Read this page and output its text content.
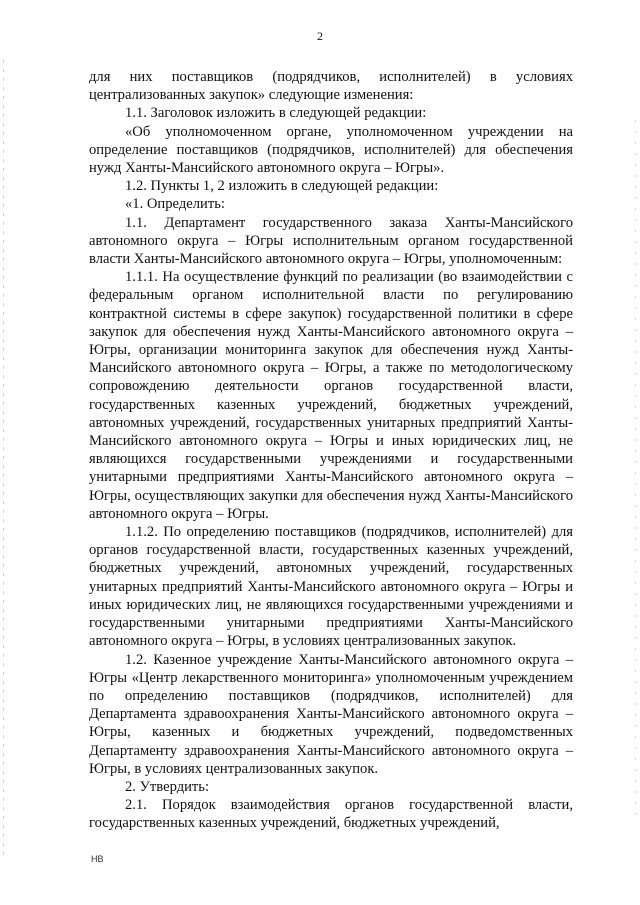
2

для них поставщиков (подрядчиков, исполнителей) в условиях централизованных закупок» следующие изменения:

1.1. Заголовок изложить в следующей редакции:

«Об уполномоченном органе, уполномоченном учреждении на определение поставщиков (подрядчиков, исполнителей) для обеспечения нужд Ханты-Мансийского автономного округа – Югры».

1.2. Пункты 1, 2 изложить в следующей редакции:

«1. Определить:

1.1. Департамент государственного заказа Ханты-Мансийского автономного округа – Югры исполнительным органом государственной власти Ханты-Мансийского автономного округа – Югры, уполномоченным:

1.1.1. На осуществление функций по реализации (во взаимодействии с федеральным органом исполнительной власти по регулированию контрактной системы в сфере закупок) государственной политики в сфере закупок для обеспечения нужд Ханты-Мансийского автономного округа – Югры, организации мониторинга закупок для обеспечения нужд Ханты-Мансийского автономного округа – Югры, а также по методологическому сопровождению деятельности органов государственной власти, государственных казенных учреждений, бюджетных учреждений, автономных учреждений, государственных унитарных предприятий Ханты-Мансийского автономного округа – Югры и иных юридических лиц, не являющихся государственными учреждениями и государственными унитарными предприятиями Ханты-Мансийского автономного округа – Югры, осуществляющих закупки для обеспечения нужд Ханты-Мансийского автономного округа – Югры.

1.1.2. По определению поставщиков (подрядчиков, исполнителей) для органов государственной власти, государственных казенных учреждений, бюджетных учреждений, автономных учреждений, государственных унитарных предприятий Ханты-Мансийского автономного округа – Югры и иных юридических лиц, не являющихся государственными учреждениями и государственными унитарными предприятиями Ханты-Мансийского автономного округа – Югры, в условиях централизованных закупок.

1.2. Казенное учреждение Ханты-Мансийского автономного округа – Югры «Центр лекарственного мониторинга» уполномоченным учреждением по определению поставщиков (подрядчиков, исполнителей) для Департамента здравоохранения Ханты-Мансийского автономного округа – Югры, казенных и бюджетных учреждений, подведомственных Департаменту здравоохранения Ханты-Мансийского автономного округа – Югры, в условиях централизованных закупок.

2. Утвердить:

2.1. Порядок взаимодействия органов государственной власти, государственных казенных учреждений, бюджетных учреждений,

НВ
